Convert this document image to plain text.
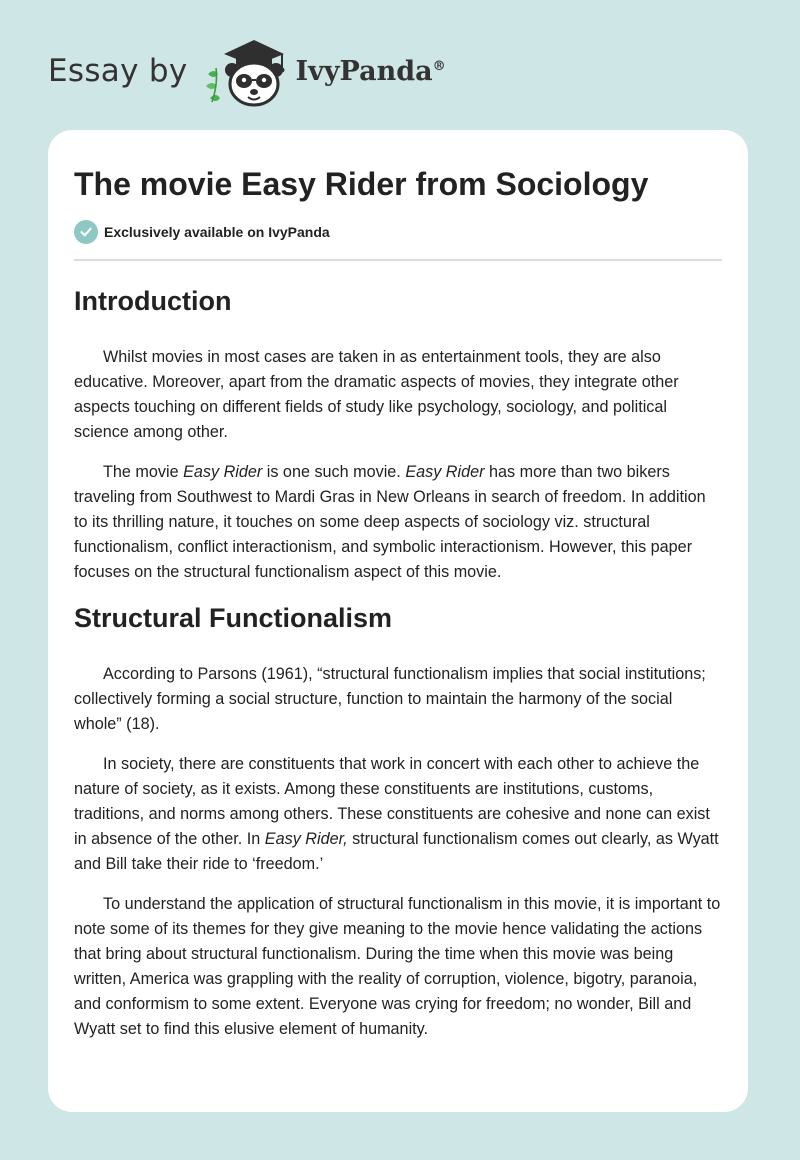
Essay by	IvyPanda®
The movie Easy Rider from Sociology
Exclusively available on IvyPanda
Introduction

Whilst movies in most cases are taken in as entertainment tools, they are also educative. Moreover, apart from the dramatic aspects of movies, they integrate other aspects touching on different fields of study like psychology, sociology, and political science among other.

The movie Easy Rider is one such movie. Easy Rider has more than two bikers traveling from Southwest to Mardi Gras in New Orleans in search of freedom. In addition to its thrilling nature, it touches on some deep aspects of sociology viz. structural functionalism, conflict interactionism, and symbolic interactionism. However, this paper focuses on the structural functionalism aspect of this movie.

Structural Functionalism

According to Parsons (1961), “structural functionalism implies that social institutions; collectively forming a social structure, function to maintain the harmony of the social whole” (18).

In society, there are constituents that work in concert with each other to achieve the nature of society, as it exists. Among these constituents are institutions, customs, traditions, and norms among others. These constituents are cohesive and none can exist in absence of the other. In Easy Rider, structural functionalism comes out clearly, as Wyatt and Bill take their ride to ‘freedom.’

To understand the application of structural functionalism in this movie, it is important to note some of its themes for they give meaning to the movie hence validating the actions that bring about structural functionalism. During the time when this movie was being written, America was grappling with the reality of corruption, violence, bigotry, paranoia, and conformism to some extent. Everyone was crying for freedom; no wonder, Bill and Wyatt set to find this elusive element of humanity.
